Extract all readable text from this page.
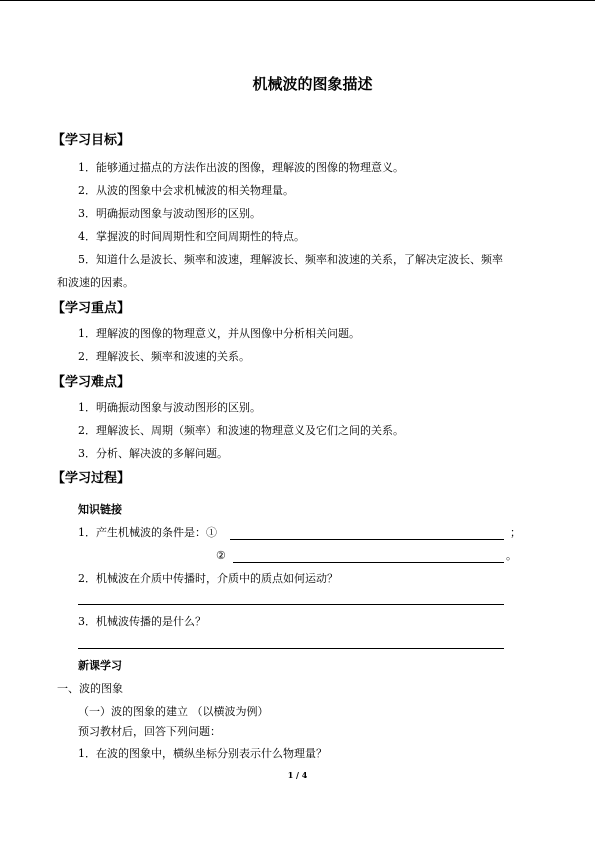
机械波的图象描述
【学习目标】
1．能够通过描点的方法作出波的图像，理解波的图像的物理意义。
2．从波的图象中会求机械波的相关物理量。
3．明确振动图象与波动图形的区别。
4．掌握波的时间周期性和空间周期性的特点。
5．知道什么是波长、频率和波速，理解波长、频率和波速的关系，了解决定波长、频率
和波速的因素。
【学习重点】
1．理解波的图像的物理意义，并从图像中分析相关问题。
2．理解波长、频率和波速的关系。
【学习难点】
1．明确振动图象与波动图形的区别。
2．理解波长、周期（频率）和波速的物理意义及它们之间的关系。
3．分析、解决波的多解问题。
【学习过程】
知识链接
1．产生机械波的条件是：①	；
②	。
2．机械波在介质中传播时，介质中的质点如何运动？
3．机械波传播的是什么？
新课学习
一、波的图象
（一）波的图象的建立 （以横波为例）
预习教材后，回答下列问题：
1．在波的图象中，横纵坐标分别表示什么物理量？
1 / 4
